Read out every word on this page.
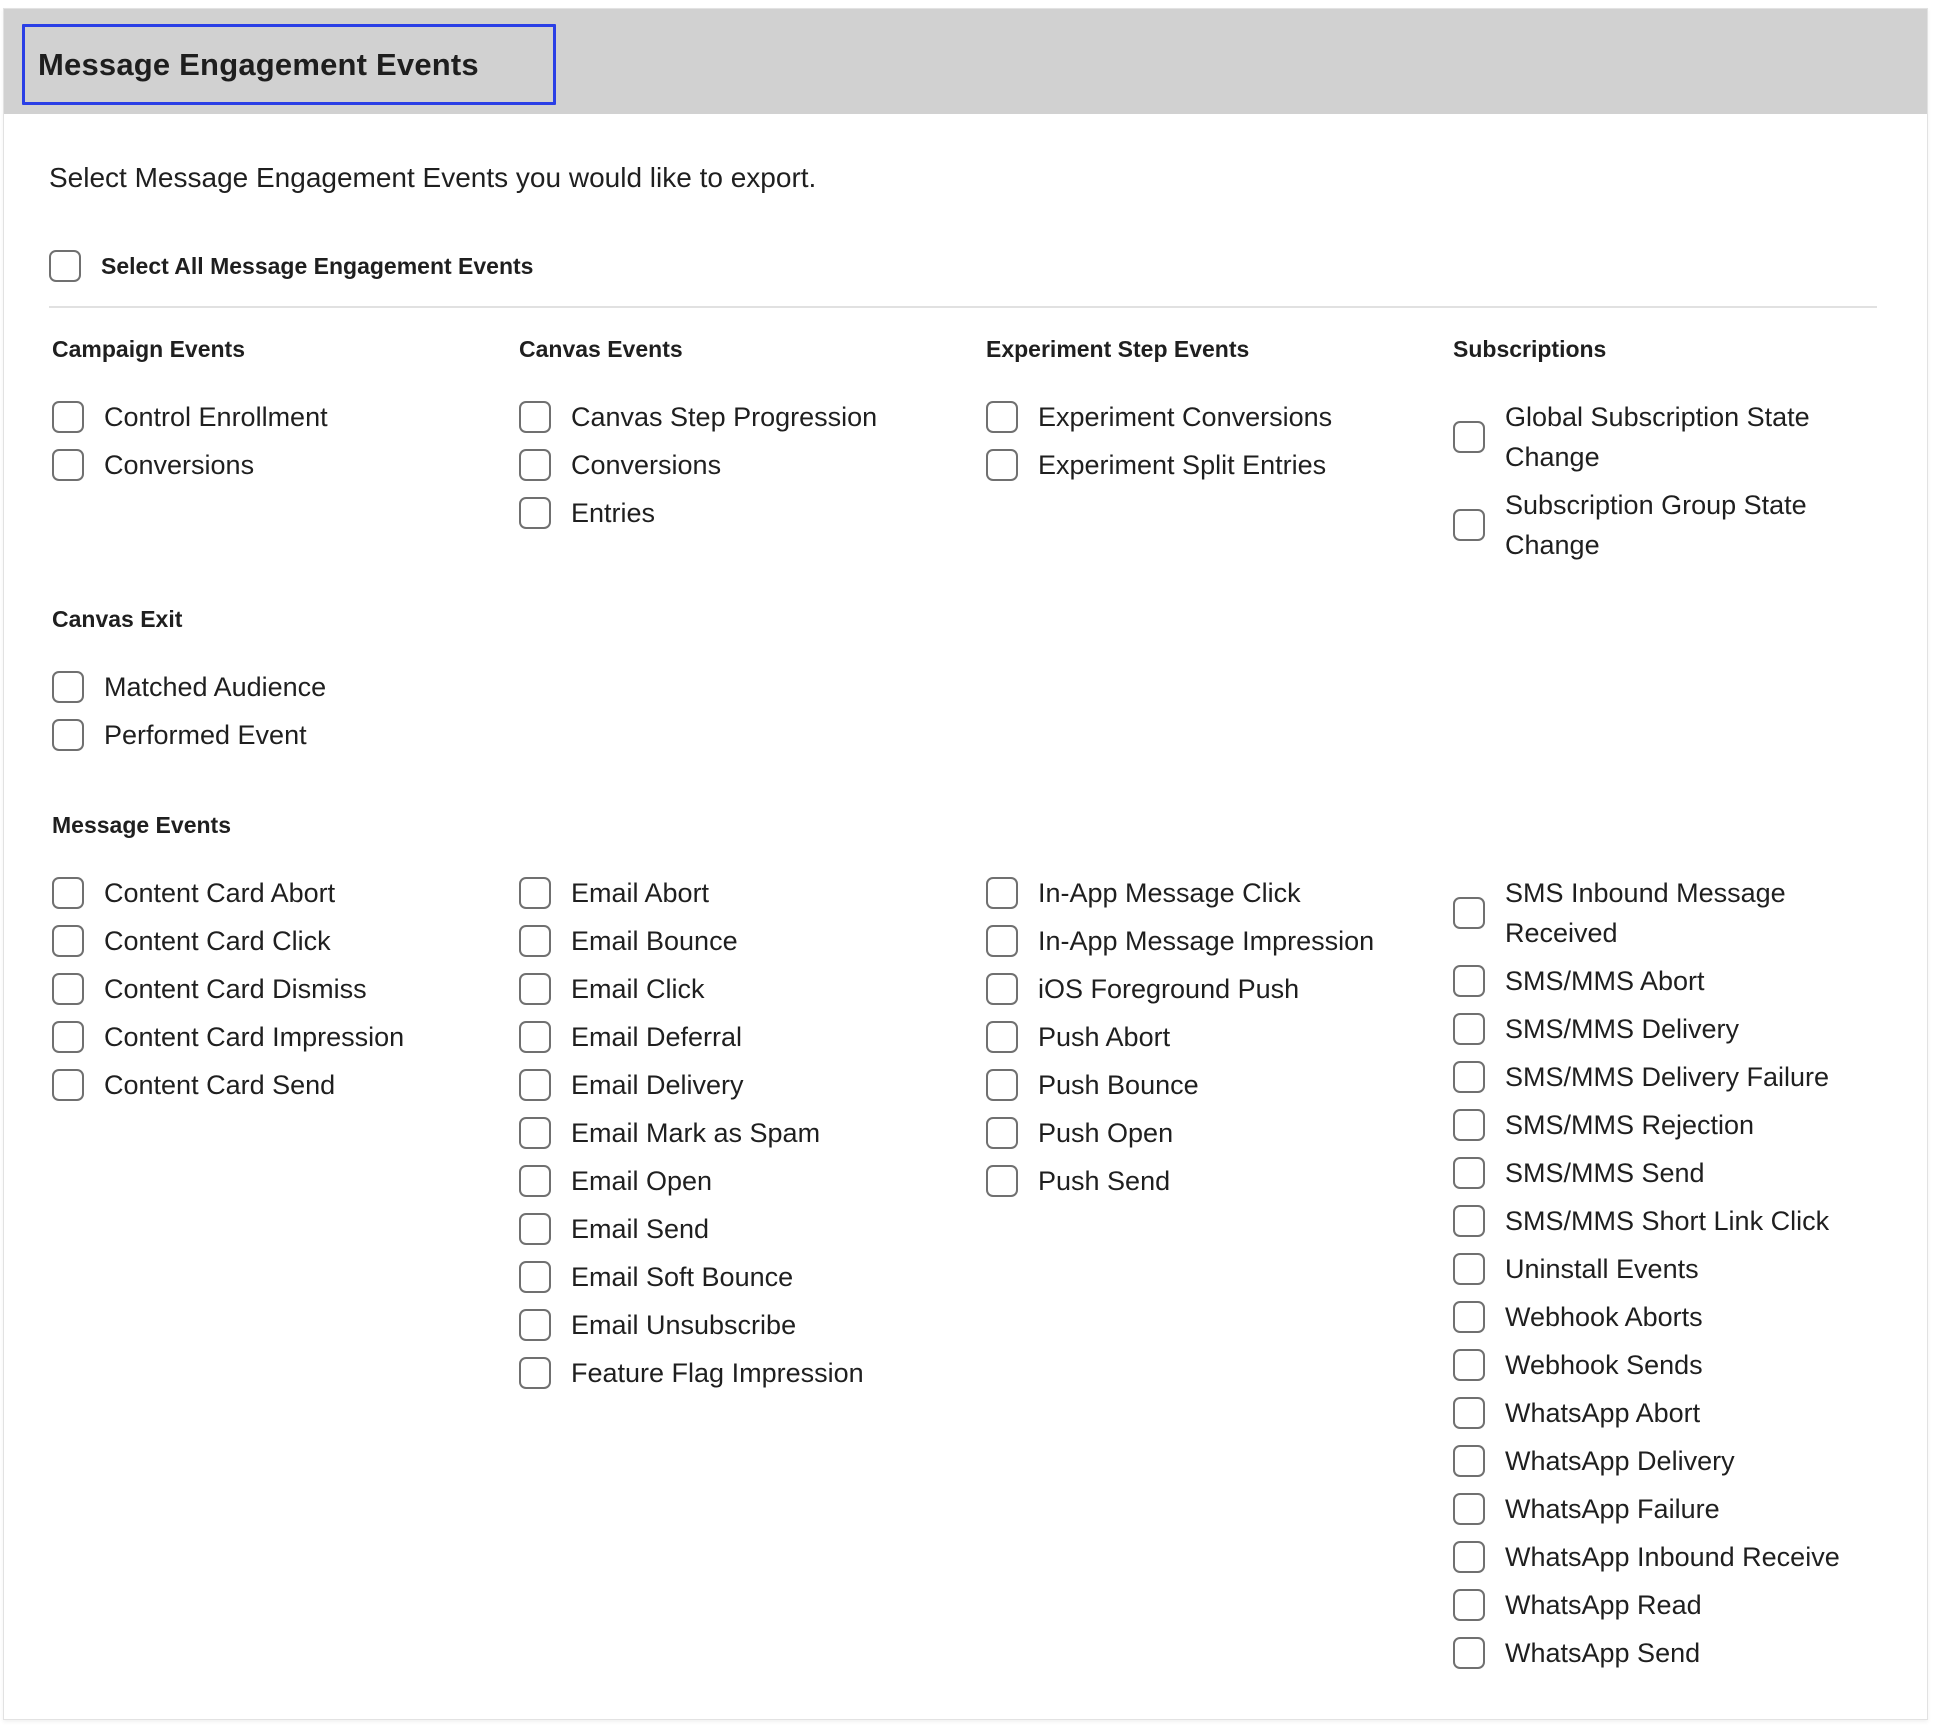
Message Engagement Events
Select Message Engagement Events you would like to export.
Select All Message Engagement Events
Campaign Events
Control Enrollment
Conversions
Canvas Events
Canvas Step Progression
Conversions
Entries
Experiment Step Events
Experiment Conversions
Experiment Split Entries
Subscriptions
Global Subscription State Change
Subscription Group State Change
Canvas Exit
Matched Audience
Performed Event
Message Events
Content Card Abort
Content Card Click
Content Card Dismiss
Content Card Impression
Content Card Send
Email Abort
Email Bounce
Email Click
Email Deferral
Email Delivery
Email Mark as Spam
Email Open
Email Send
Email Soft Bounce
Email Unsubscribe
Feature Flag Impression
In-App Message Click
In-App Message Impression
iOS Foreground Push
Push Abort
Push Bounce
Push Open
Push Send
SMS Inbound Message Received
SMS/MMS Abort
SMS/MMS Delivery
SMS/MMS Delivery Failure
SMS/MMS Rejection
SMS/MMS Send
SMS/MMS Short Link Click
Uninstall Events
Webhook Aborts
Webhook Sends
WhatsApp Abort
WhatsApp Delivery
WhatsApp Failure
WhatsApp Inbound Receive
WhatsApp Read
WhatsApp Send
